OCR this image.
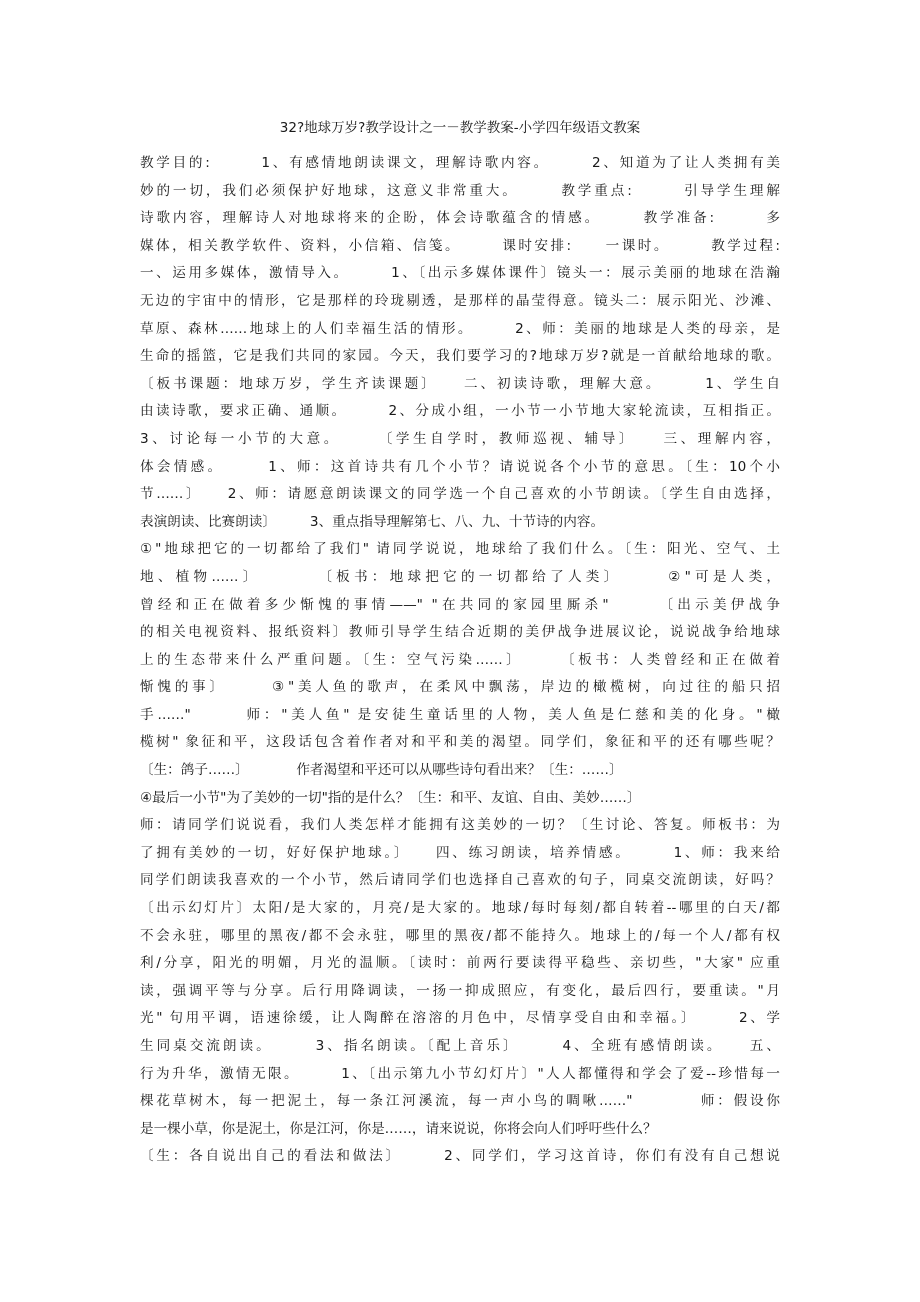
32?地球万岁?教学设计之一－教学教案-小学四年级语文教案
教学目的:　　　1、有感情地朗读课文，理解诗歌内容。　　　2、知道为了让人类拥有美
妙的一切，我们必须保护好地球，这意义非常重大。　　　教学重点:　　　引导学生理解
诗歌内容，理解诗人对地球将来的企盼，体会诗歌蕴含的情感。　　　教学准备:　　　多
媒体，相关教学软件、资料，小信箱、信笺。　　　课时安排:　　一课时。　　　教学过程:
一、运用多媒体，激情导入。　　　1、〔出示多媒体课件〕镜头一：展示美丽的地球在浩瀚
无边的宇宙中的情形，它是那样的玲珑剔透，是那样的晶莹得意。镜头二：展示阳光、沙滩、
草原、森林……地球上的人们幸福生活的情形。　　　2、师：美丽的地球是人类的母亲，是
生命的摇篮，它是我们共同的家园。今天，我们要学习的?地球万岁?就是一首献给地球的歌。
〔板书课题：地球万岁，学生齐读课题〕　　二、初读诗歌，理解大意。　　　1、学生自
由读诗歌，要求正确、通顺。　　　2、分成小组，一小节一小节地大家轮流读，互相指正。
3、讨论每一小节的大意。　　　〔学生自学时，教师巡视、辅导〕　　三、理解内容，
体会情感。　　　1、师：这首诗共有几个小节？请说说各个小节的意思。〔生：10个小
节……〕　　2、师：请愿意朗读课文的同学选一个自己喜欢的小节朗读。〔学生自由选择，
表演朗读、比赛朗读〕　　　3、重点指导理解第七、八、九、十节诗的内容。
①"地球把它的一切都给了我们" 请同学说说，地球给了我们什么。〔生：阳光、空气、土
地、植物……〕　　　　〔板书：地球把它的一切都给了人类〕　　　②"可是人类，
曾经和正在做着多少惭愧的事情——" "在共同的家园里厮杀"　　　〔出示美伊战争
的相关电视资料、报纸资料〕教师引导学生结合近期的美伊战争进展议论，说说战争给地球
上的生态带来什么严重问题。〔生：空气污染……〕　　　〔板书：人类曾经和正在做着
惭愧的事〕　　　③"美人鱼的歌声，在柔风中飘荡，岸边的橄榄树，向过往的船只招
手……"　　　师："美人鱼" 是安徒生童话里的人物，美人鱼是仁慈和美的化身。"橄
榄树" 象征和平，这段话包含着作者对和平和美的渴望。同学们，象征和平的还有哪些呢？
〔生：鸽子……〕　　　　作者渴望和平还可以从哪些诗句看出来？〔生：……〕
④最后一小节"为了美妙的一切"指的是什么？〔生：和平、友谊、自由、美妙……〕
师：请同学们说说看，我们人类怎样才能拥有这美妙的一切？〔生讨论、答复。师板书：为
了拥有美妙的一切，好好保护地球。〕　　四、练习朗读，培养情感。　　　1、师：我来给
同学们朗读我喜欢的一个小节，然后请同学们也选择自己喜欢的句子，同桌交流朗读，好吗？
〔出示幻灯片〕太阳/是大家的，月亮/是大家的。地球/每时每刻/都自转着--哪里的白天/都
不会永驻，哪里的黑夜/都不会永驻，哪里的黑夜/都不能持久。地球上的/每一个人/都有权
利/分享，阳光的明媚，月光的温顺。〔读时：前两行要读得平稳些、亲切些，"大家" 应重
读，强调平等与分享。后行用降调读，一扬一抑成照应，有变化，最后四行，要重读。"月
光" 句用平调，语速徐缓，让人陶醉在溶溶的月色中，尽情享受自由和幸福。〕　　　2、学
生同桌交流朗读。　　　3、指名朗读。〔配上音乐〕　　　4、全班有感情朗读。　　五、
行为升华，激情无限。　　　1、〔出示第九小节幻灯片〕"人人都懂得和学会了爱--珍惜每一
棵花草树木，每一把泥土，每一条江河溪流，每一声小鸟的啁啾……"　　　　师：假设你
是一棵小草，你是泥土，你是江河，你是……，请来说说，你将会向人们呼吁些什么？
〔生：各自说出自己的看法和做法〕　　　2、同学们，学习这首诗，你们有没有自己想说
